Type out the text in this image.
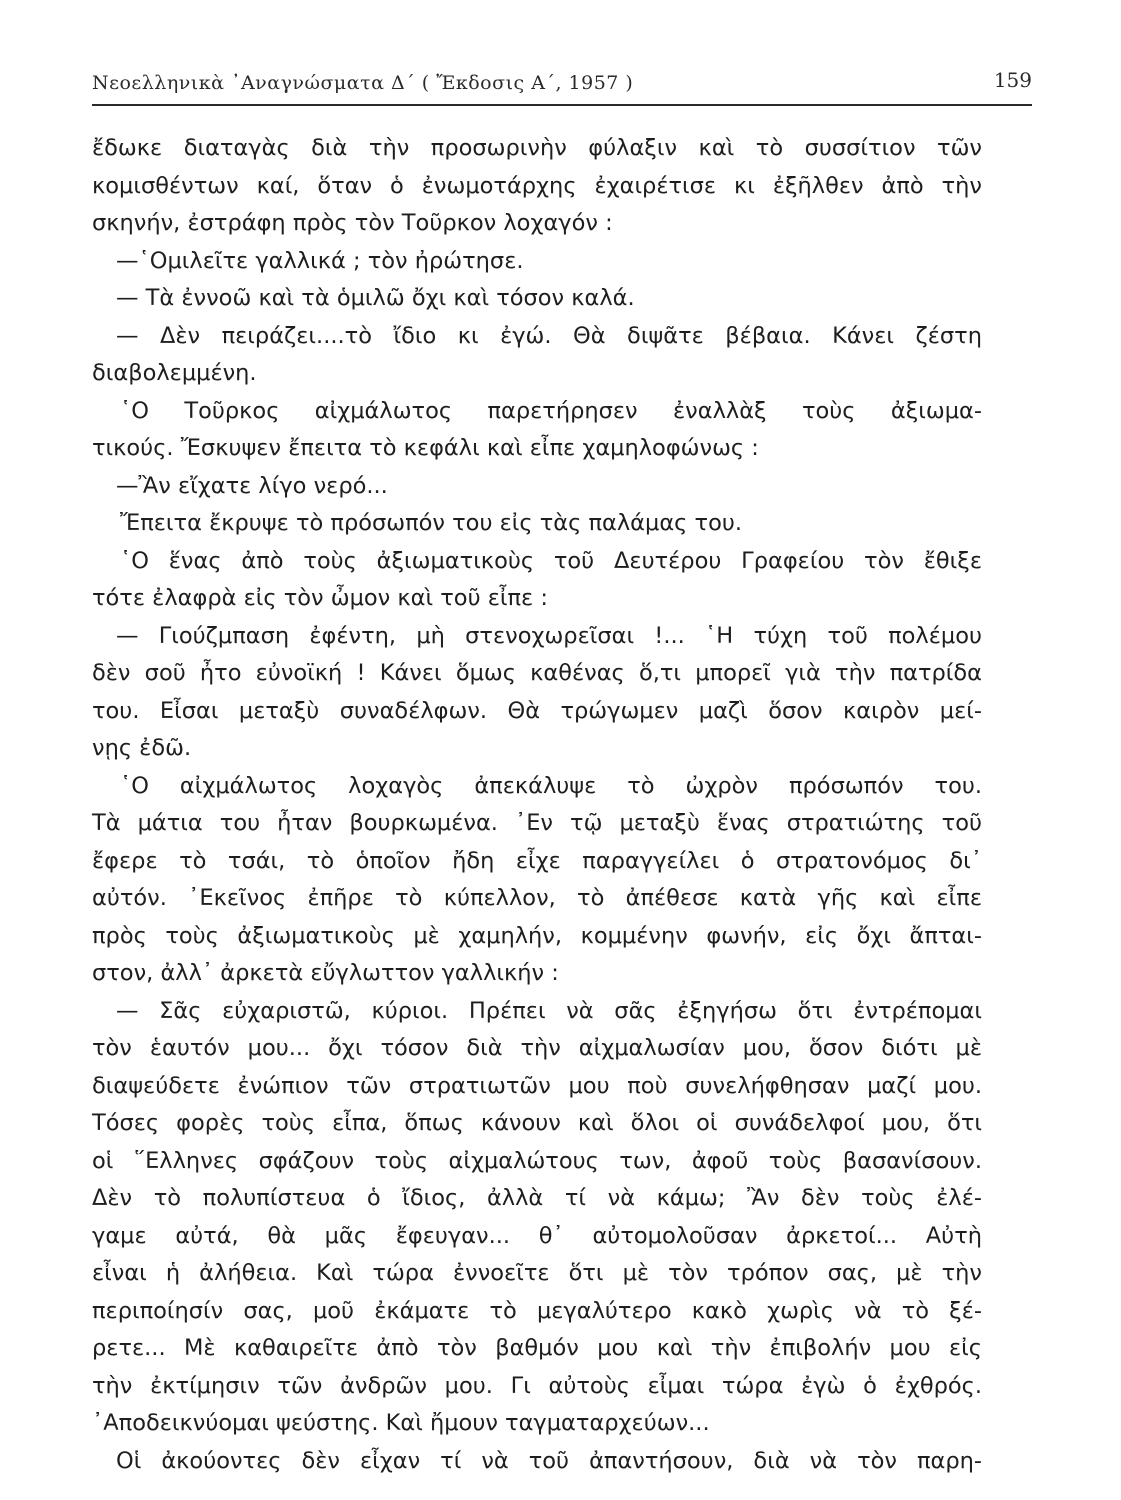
Νεοελληνικὰ ᾿Αναγνώσματα Δ΄ ( Ἔκδοσις Α΄, 1957 )	159
ἔδωκε διαταγὰς διὰ τὴν προσωρινὴν φύλαξιν καὶ τὸ συσσίτιον τῶν
κομισθέντων καί, ὅταν ὁ ἐνωμοτάρχης ἐχαιρέτισε κι ἐξῆλθεν ἀπὸ τὴν
σκηνήν, ἐστράφη πρὸς τὸν Τοῦρκον λοχαγόν :
—῾Ομιλεῖτε γαλλικά ; τὸν ἠρώτησε.
— Τὰ ἐννοῶ καὶ τὰ ὁμιλῶ ὄχι καὶ τόσον καλά.
— Δὲν πειράζει....τὸ ἴδιο κι ἐγώ. Θὰ διψᾶτε βέβαια. Κάνει ζέστη
διαβολεμμένη.
῾Ο Τοῦρκος αἰχμάλωτος παρετήρησεν ἐναλλὰξ τοὺς ἀξιωμα-
τικούς. Ἔσκυψεν ἔπειτα τὸ κεφάλι καὶ εἶπε χαμηλοφώνως :
—Ἂν εἴχατε λίγο νερό...
Ἔπειτα ἔκρυψε τὸ πρόσωπόν του εἰς τὰς παλάμας του.
῾Ο ἕνας ἀπὸ τοὺς ἀξιωματικοὺς τοῦ Δευτέρου Γραφείου τὸν ἔθιξε
τότε ἐλαφρὰ εἰς τὸν ὦμον καὶ τοῦ εἶπε :
— Γιούζμπαση ἐφέντη, μὴ στενοχωρεῖσαι !... ῾Η τύχη τοῦ πολέμου
δὲν σοῦ ἦτο εὐνοϊκή ! Κάνει ὅμως καθένας ὅ,τι μπορεῖ γιὰ τὴν πατρίδα
του. Εἶσαι μεταξὺ συναδέλφων. Θὰ τρώγωμεν μαζὶ ὅσον καιρὸν μεί-
νῃς ἐδῶ.
῾Ο αἰχμάλωτος λοχαγὸς ἀπεκάλυψε τὸ ὠχρὸν πρόσωπόν του.
Τὰ μάτια του ἦταν βουρκωμένα. ᾿Εν τῷ μεταξὺ ἕνας στρατιώτης τοῦ
ἔφερε τὸ τσάι, τὸ ὁποῖον ἤδη εἶχε παραγγείλει ὁ στρατονόμος δι᾿
αὐτόν. ᾿Εκεῖνος ἐπῆρε τὸ κύπελλον, τὸ ἀπέθεσε κατὰ γῆς καὶ εἶπε
πρὸς τοὺς ἀξιωματικοὺς μὲ χαμηλήν, κομμένην φωνήν, εἰς ὄχι ἄπται-
στον, ἀλλ᾿ ἀρκετὰ εὔγλωττον γαλλικήν :
— Σᾶς εὐχαριστῶ, κύριοι. Πρέπει νὰ σᾶς ἐξηγήσω ὅτι ἐντρέπομαι
τὸν ἑαυτόν μου... ὄχι τόσον διὰ τὴν αἰχμαλωσίαν μου, ὅσον διότι μὲ
διαψεύδετε ἐνώπιον τῶν στρατιωτῶν μου ποὺ συνελήφθησαν μαζί μου.
Τόσες φορὲς τοὺς εἶπα, ὅπως κάνουν καὶ ὅλοι οἱ συνάδελφοί μου, ὅτι
οἱ ῞Ελληνες σφάζουν τοὺς αἰχμαλώτους των, ἀφοῦ τοὺς βασανίσουν.
Δὲν τὸ πολυπίστευα ὁ ἴδιος, ἀλλὰ τί νὰ κάμω; Ἂν δὲν τοὺς ἐλέ-
γαμε αὐτά, θὰ μᾶς ἔφευγαν... θ᾿ αὐτομολοῦσαν ἀρκετοί... Αὐτὴ
εἶναι ἡ ἀλήθεια. Καὶ τώρα ἐννοεῖτε ὅτι μὲ τὸν τρόπον σας, μὲ τὴν
περιποίησίν σας, μοῦ ἐκάματε τὸ μεγαλύτερο κακὸ χωρὶς νὰ τὸ ξέ-
ρετε... Μὲ καθαιρεῖτε ἀπὸ τὸν βαθμόν μου καὶ τὴν ἐπιβολήν μου εἰς
τὴν ἐκτίμησιν τῶν ἀνδρῶν μου. Γι αὐτοὺς εἶμαι τώρα ἐγὼ ὁ ἐχθρός.
᾿Αποδεικνύομαι ψεύστης. Καὶ ἤμουν ταγματαρχεύων...
Οἱ ἀκούοντες δὲν εἶχαν τί νὰ τοῦ ἀπαντήσουν, διὰ νὰ τὸν παρη-
